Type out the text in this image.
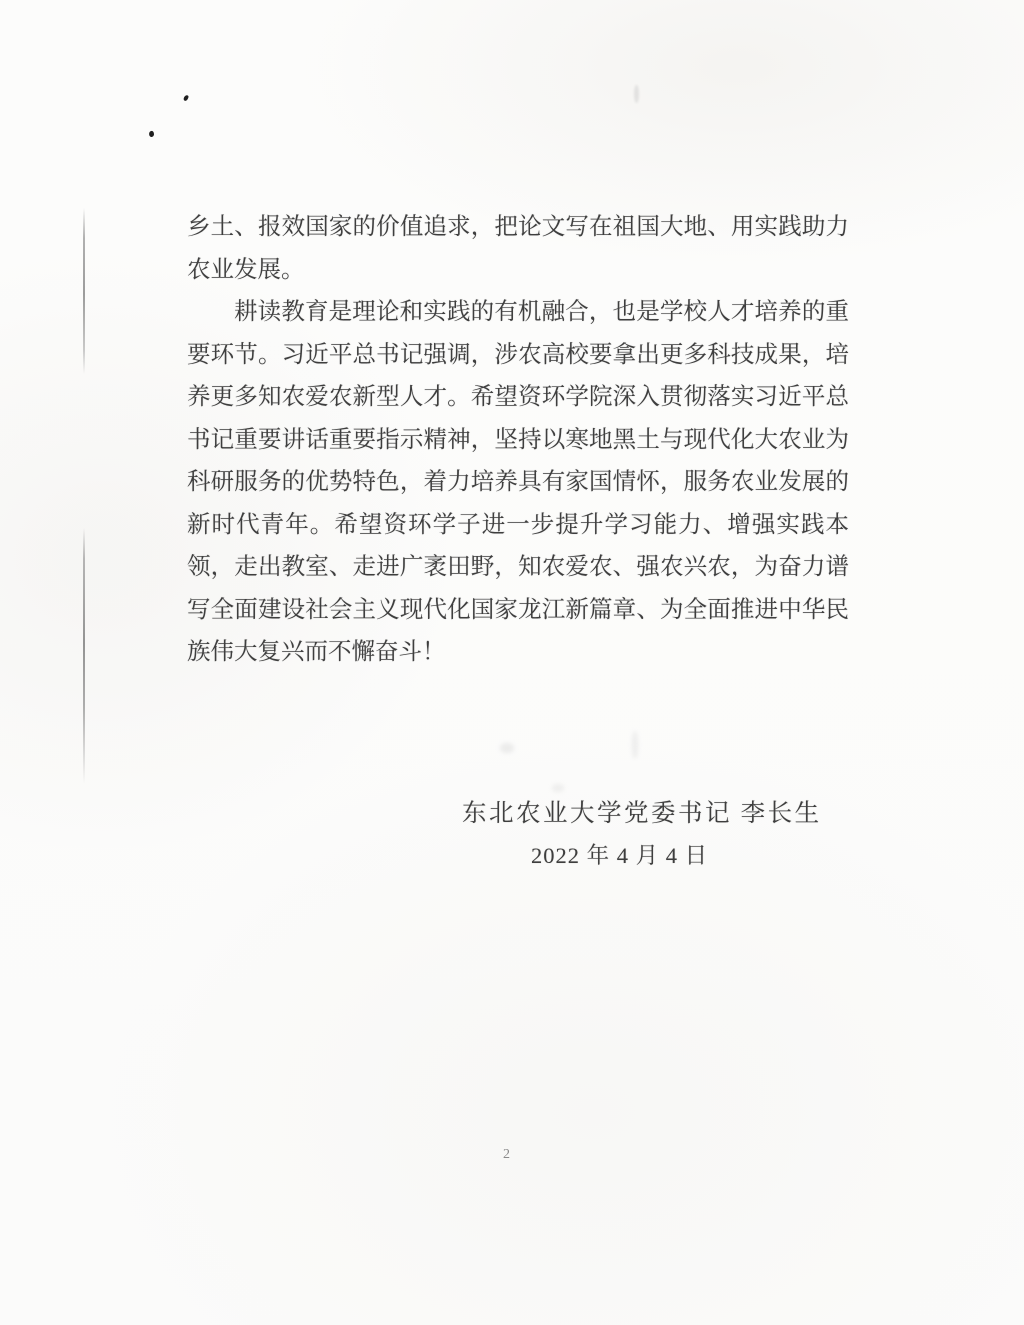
乡土、报效国家的价值追求，把论文写在祖国大地、用实践助力农业发展。

耕读教育是理论和实践的有机融合，也是学校人才培养的重要环节。习近平总书记强调，涉农高校要拿出更多科技成果，培养更多知农爱农新型人才。希望资环学院深入贯彻落实习近平总书记重要讲话重要指示精神，坚持以寒地黑土与现代化大农业为科研服务的优势特色，着力培养具有家国情怀，服务农业发展的新时代青年。希望资环学子进一步提升学习能力、增强实践本领，走出教室、走进广袤田野，知农爱农、强农兴农，为奋力谱写全面建设社会主义现代化国家龙江新篇章、为全面推进中华民族伟大复兴而不懈奋斗！

东北农业大学党委书记 李长生
2022 年 4 月 4 日
2
